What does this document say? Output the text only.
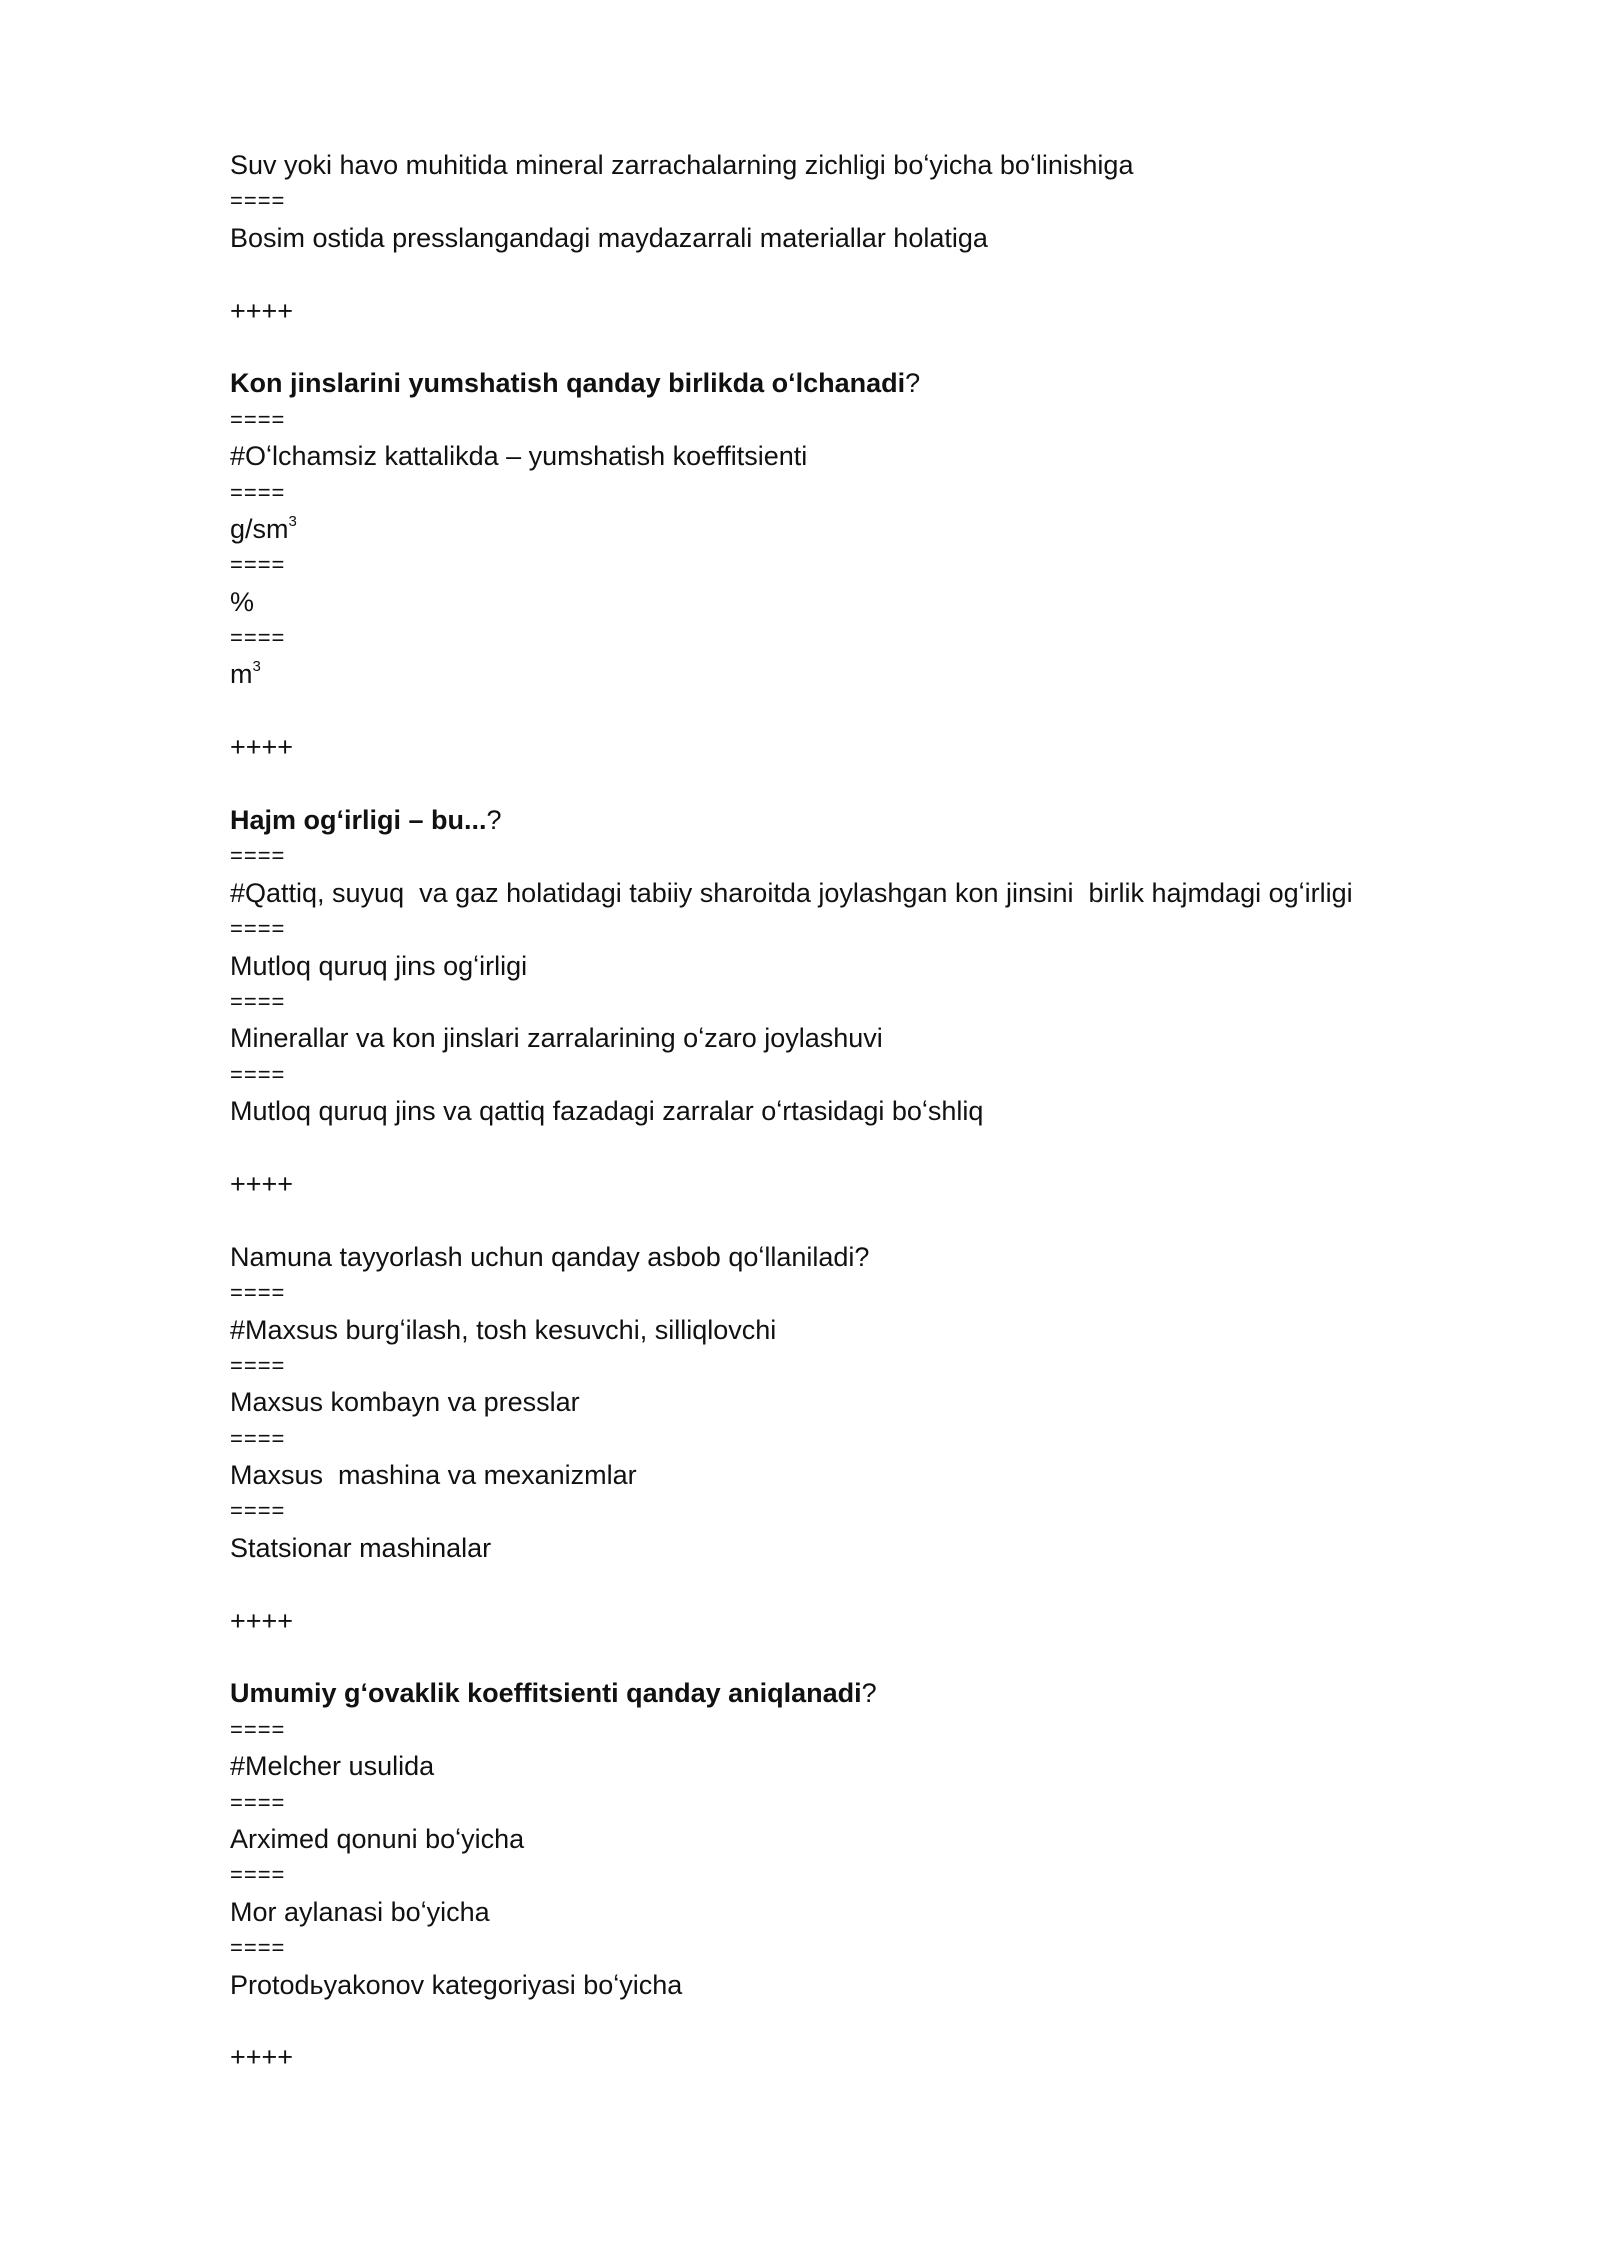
Suv yoki havo muhitida mineral zarrachalarning zichligi boʻyicha boʻlinishiga
====
Bosim ostida presslangandagi maydazarrali materiallar holatiga
++++
Kon jinslarini yumshatish qanday birlikda oʻlchanadi?
====
#Oʻlchamsiz kattalikda – yumshatish koeffitsienti
====
$g/sm^3$
====
%
====
$m^3$
++++
Hajm ogʻirligi – bu...?
====
#Qattiq, suyuq  va gaz holatidagi tabiiy sharoitda joylashgan kon jinsini  birlik hajmdagi ogʻirligi
====
Mutloq quruq jins ogʻirligi
====
Minerallar va kon jinslari zarralarining oʻzaro joylashuvi
====
Mutloq quruq jins va qattiq fazadagi zarralar oʻrtasidagi boʻshliq
++++
Namuna tayyorlash uchun qanday asbob qoʻllaniladi?
====
#Maxsus burgʻilash, tosh kesuvchi, silliqlovchi
====
Maxsus kombayn va presslar
====
Maxsus  mashina va mexanizmlar
====
Statsionar mashinalar
++++
Umumiy gʻovaklik koeffitsienti qanday aniqlanadi?
====
#Melcher usulida
====
Arximed qonuni boʻyicha
====
Mor aylanasi boʻyicha
====
Protodьyakonov kategoriyasi boʻyicha
++++
